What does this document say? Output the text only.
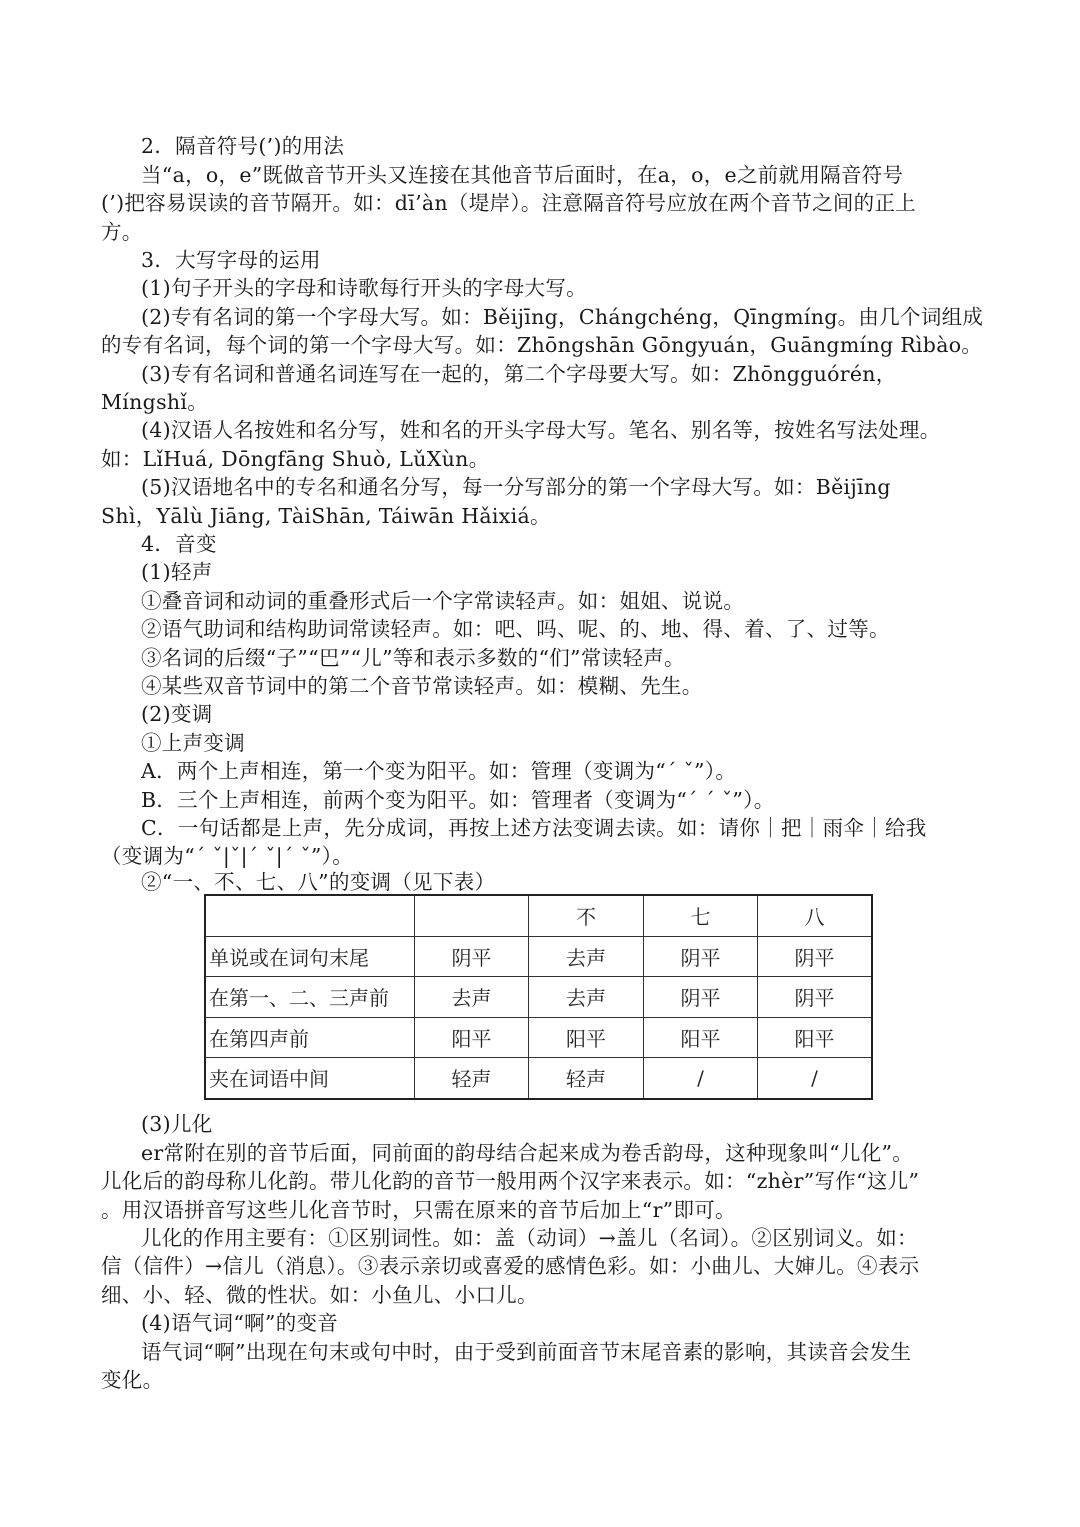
2．隔音符号(’)的用法
当“a，o，e”既做音节开头又连接在其他音节后面时，在a，o，e之前就用隔音符号
(’)把容易误读的音节隔开。如：dī’àn（堤岸）。注意隔音符号应放在两个音节之间的正上
方。
3．大写字母的运用
(1)句子开头的字母和诗歌每行开头的字母大写。
(2)专有名词的第一个字母大写。如：Běijīng，Chángchéng，Qīngmíng。由几个词组成
的专有名词，每个词的第一个字母大写。如：Zhōngshān Gōngyuán，Guāngmíng Rìbào。
(3)专有名词和普通名词连写在一起的，第二个字母要大写。如：Zhōngguórén，
Míngshǐ。
(4)汉语人名按姓和名分写，姓和名的开头字母大写。笔名、别名等，按姓名写法处理。
如：LǐHuá, Dōngfāng Shuò, LǔXùn。
(5)汉语地名中的专名和通名分写，每一分写部分的第一个字母大写。如：Běijīng
Shì，Yālù Jiāng, TàiShān, Táiwān Hǎixiá。
4．音变
(1)轻声
①叠音词和动词的重叠形式后一个字常读轻声。如：姐姐、说说。
②语气助词和结构助词常读轻声。如：吧、吗、呢、的、地、得、着、了、过等。
③名词的后缀“子”“巴”“儿”等和表示多数的“们”常读轻声。
④某些双音节词中的第二个音节常读轻声。如：模糊、先生。
(2)变调
①上声变调
A．两个上声相连，第一个变为阳平。如：管理（变调为“ˊ ˇ”）。
B．三个上声相连，前两个变为阳平。如：管理者（变调为“ˊ ˊ ˇ”）。
C．一句话都是上声，先分成词，再按上述方法变调去读。如：请你｜把｜雨伞｜给我
（变调为“ˊ ˇ|ˇ|ˊ ˇ|ˊ ˇ”）。
②“一、不、七、八”的变调（见下表）
		不	七	八
单说或在词句末尾	阴平	去声	阴平	阴平
在第一、二、三声前	去声	去声	阴平	阴平
在第四声前	阳平	阳平	阳平	阳平
夹在词语中间	轻声	轻声	/	/
(3)儿化
er常附在别的音节后面，同前面的韵母结合起来成为卷舌韵母，这种现象叫“儿化”。
儿化后的韵母称儿化韵。带儿化韵的音节一般用两个汉字来表示。如：“zhèr”写作“这儿”
。用汉语拼音写这些儿化音节时，只需在原来的音节后加上“r”即可。
儿化的作用主要有：①区别词性。如：盖（动词）→盖儿（名词）。②区别词义。如：
信（信件）→信儿（消息）。③表示亲切或喜爱的感情色彩。如：小曲儿、大婶儿。④表示
细、小、轻、微的性状。如：小鱼儿、小口儿。
(4)语气词“啊”的变音
语气词“啊”出现在句末或句中时，由于受到前面音节末尾音素的影响，其读音会发生
变化。
